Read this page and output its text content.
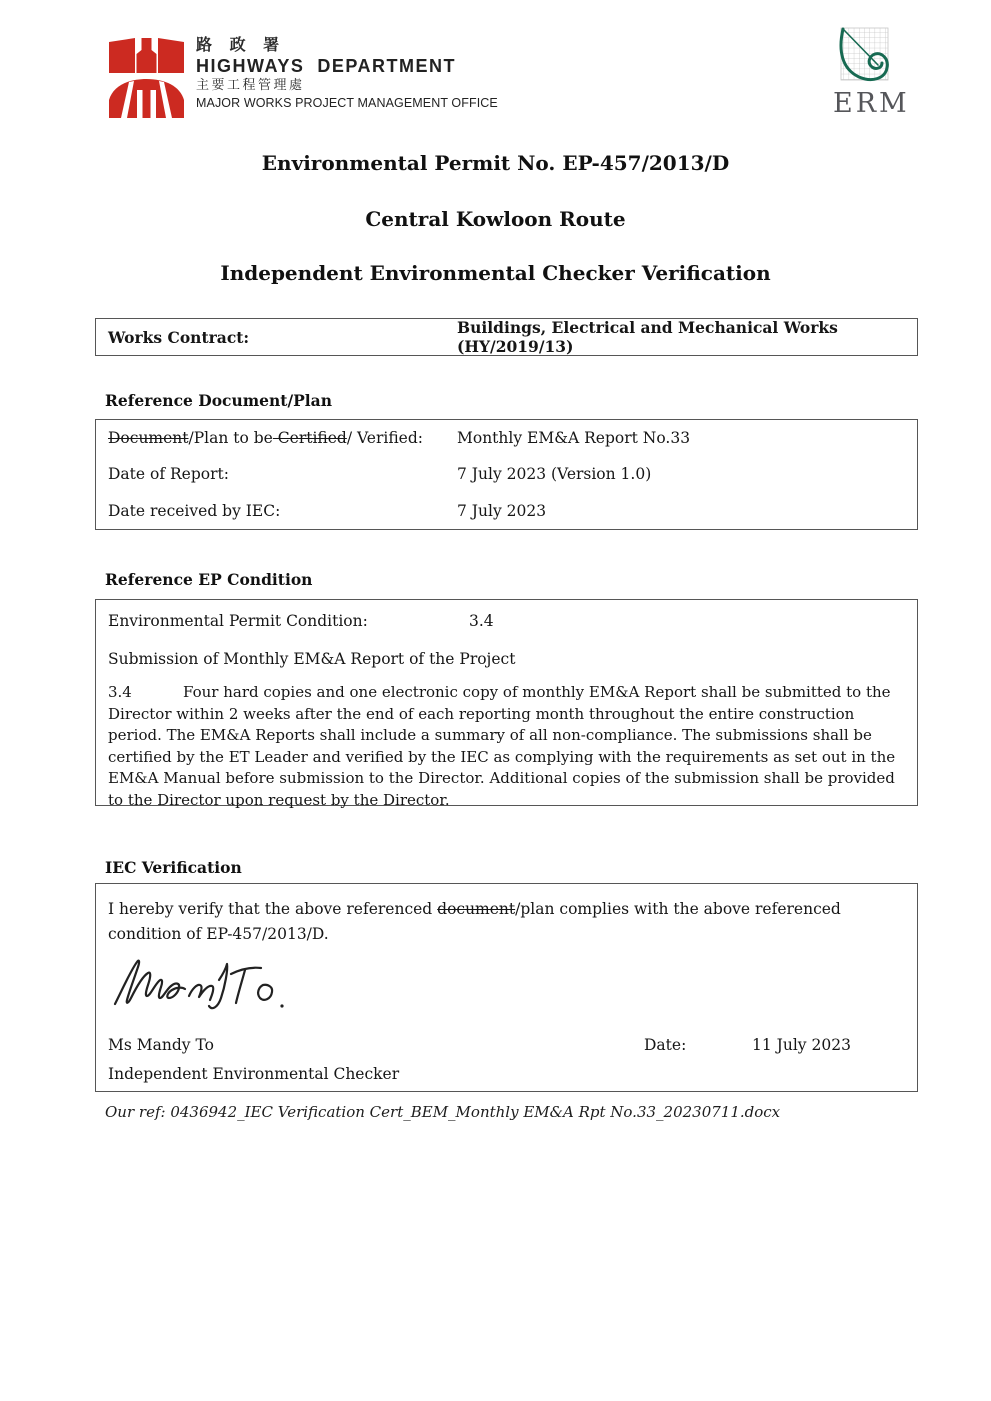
路 政 署
HIGHWAYS  DEPARTMENT
主要工程管理處
MAJOR WORKS PROJECT MANAGEMENT OFFICE	ERM
Environmental Permit No. EP-457/2013/D
Central Kowloon Route
Independent Environmental Checker Verification
Works Contract:	Buildings, Electrical and Mechanical Works  (HY/2019/13)
Reference Document/Plan
Document/Plan to be Certified/ Verified:	Monthly EM&A Report No.33
Date of Report:	7 July 2023 (Version 1.0)
Date received by IEC:	7 July 2023
Reference EP Condition
Environmental Permit Condition:	3.4
Submission of Monthly EM&A Report of the Project
3.4	Four hard copies and one electronic copy of monthly EM&A Report shall be submitted to the Director within 2 weeks after the end of each reporting month throughout the entire construction period. The EM&A Reports shall include a summary of all non-compliance. The submissions shall be certified by the ET Leader and verified by the IEC as complying with the requirements as set out in the EM&A Manual before submission to the Director. Additional copies of the submission shall be provided to the Director upon request by the Director.
IEC Verification
I hereby verify that the above referenced document/plan complies with the above referenced condition of EP-457/2013/D.
Ms Mandy To	Date:	11 July 2023
Independent Environmental Checker
Our ref: 0436942_IEC Verification Cert_BEM_Monthly EM&A Rpt No.33_20230711.docx
